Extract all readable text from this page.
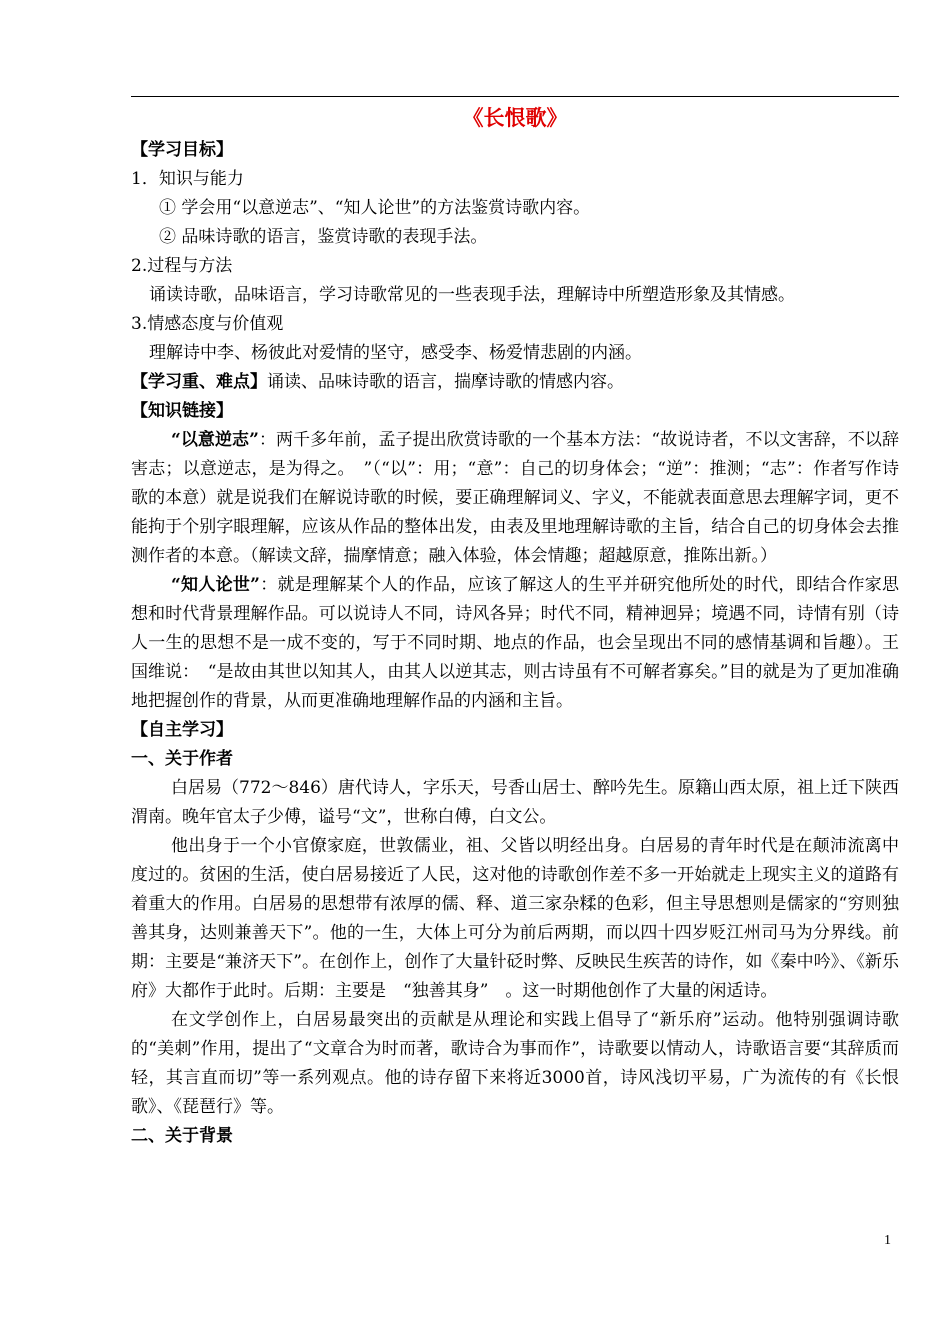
《长恨歌》
【学习目标】
1．知识与能力
① 学会用“以意逆志”、“知人论世”的方法鉴赏诗歌内容。
② 品味诗歌的语言，鉴赏诗歌的表现手法。
2.过程与方法
诵读诗歌，品味语言，学习诗歌常见的一些表现手法，理解诗中所塑造形象及其情感。
3.情感态度与价值观
理解诗中李、杨彼此对爱情的坚守，感受李、杨爱情悲剧的内涵。
【学习重、难点】诵读、品味诗歌的语言，揣摩诗歌的情感内容。
【知识链接】

“以意逆志”：两千多年前，孟子提出欣赏诗歌的一个基本方法：“故说诗者，不以文害辞，不以辞害志；以意逆志，是为得之。　”（“以”：用；“意”：自己的切身体会；“逆”：推测；“志”：作者写作诗歌的本意）就是说我们在解说诗歌的时候，要正确理解词义、字义，不能就表面意思去理解字词，更不能拘于个别字眼理解，应该从作品的整体出发，由表及里地理解诗歌的主旨，结合自己的切身体会去推测作者的本意。（解读文辞，揣摩情意；融入体验，体会情趣；超越原意，推陈出新。）

“知人论世”：就是理解某个人的作品，应该了解这人的生平并研究他所处的时代，即结合作家思想和时代背景理解作品。可以说诗人不同，诗风各异；时代不同，精神迥异；境遇不同，诗情有别（诗人一生的思想不是一成不变的，写于不同时期、地点的作品，也会呈现出不同的感情基调和旨趣）。王国维说：　“是故由其世以知其人，由其人以逆其志，则古诗虽有不可解者寡矣。”目的就是为了更加准确地把握创作的背景，从而更准确地理解作品的内涵和主旨。

【自主学习】
一、关于作者

白居易（772～846）唐代诗人，字乐天，号香山居士、醉吟先生。原籍山西太原，祖上迁下陕西渭南。晚年官太子少傅，谥号“文”，世称白傅，白文公。

他出身于一个小官僚家庭，世敦儒业，祖、父皆以明经出身。白居易的青年时代是在颠沛流离中度过的。贫困的生活，使白居易接近了人民，这对他的诗歌创作差不多一开始就走上现实主义的道路有着重大的作用。白居易的思想带有浓厚的儒、释、道三家杂糅的色彩，但主导思想则是儒家的“穷则独善其身，达则兼善天下”。他的一生，大体上可分为前后两期，而以四十四岁贬江州司马为分界线。前期：主要是“兼济天下”。在创作上，创作了大量针砭时弊、反映民生疾苦的诗作，如《秦中吟》、《新乐府》大都作于此时。后期：主要是　“独善其身”　。这一时期他创作了大量的闲适诗。

在文学创作上，白居易最突出的贡献是从理论和实践上倡导了“新乐府”运动。他特别强调诗歌的“美刺”作用，提出了“文章合为时而著，歌诗合为事而作”，诗歌要以情动人，诗歌语言要“其辞质而轻，其言直而切”等一系列观点。他的诗存留下来将近3000首，诗风浅切平易，广为流传的有《长恨歌》、《琵琶行》等。

二、关于背景
1
